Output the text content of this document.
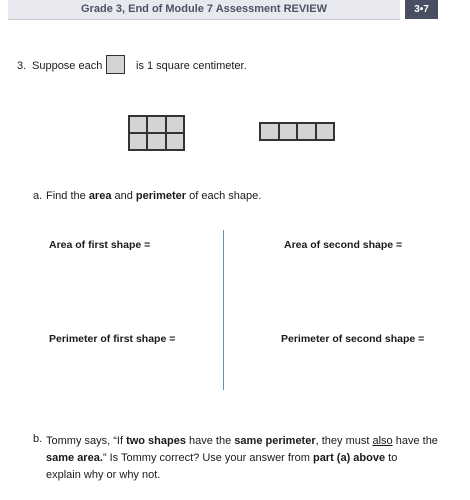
Grade 3, End of Module 7 Assessment REVIEW	3•7
3. Suppose each	is 1 square centimeter.
a. Find the area and perimeter of each shape.
Area of first shape =	Area of second shape =
Perimeter of first shape =	Perimeter of second shape =
b. Tommy says, “If two shapes have the same perimeter, they must also have the
same area.” Is Tommy correct? Use your answer from part (a) above to
explain why or why not.
